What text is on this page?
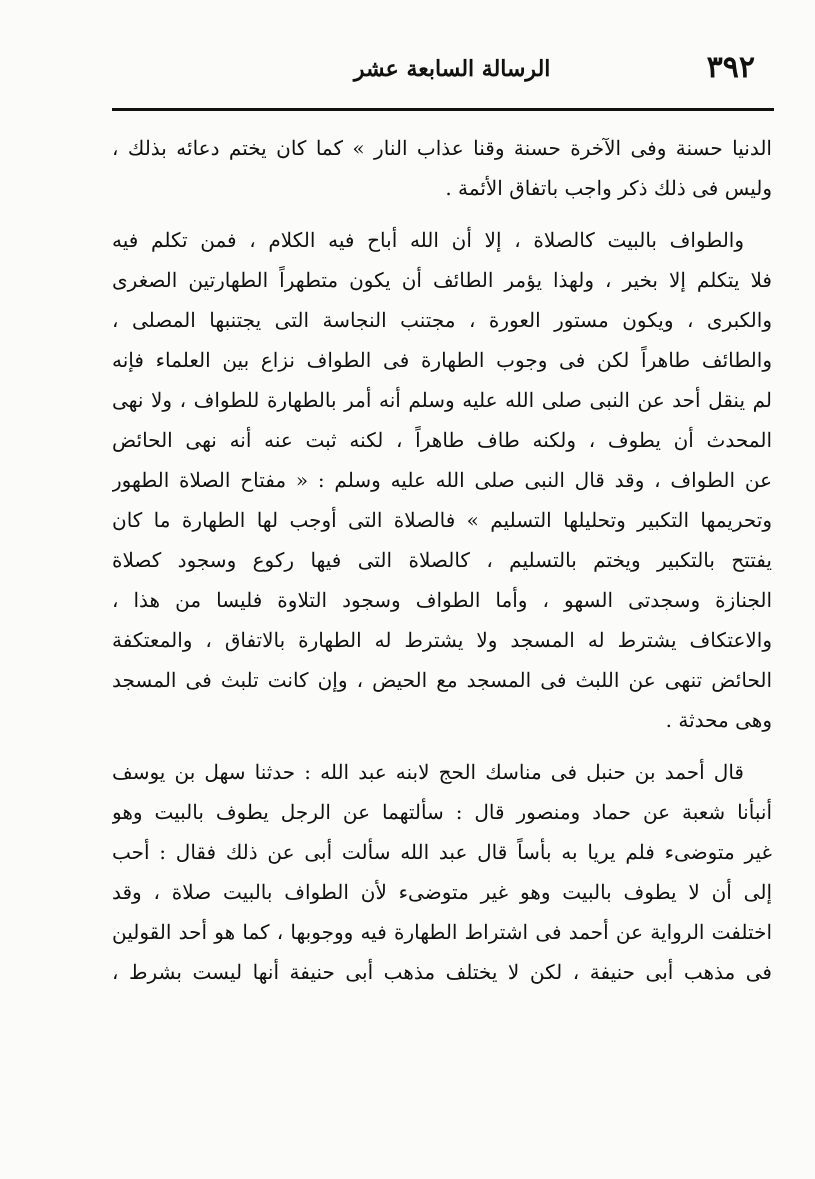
٣٩٢
الرسالة السابعة عشر

الدنيا حسنة وفى الآخرة حسنة وقنا عذاب النار » كما كان يختم دعائه بذلك ،
وليس فى ذلك ذكر واجب باتفاق الأئمة .

والطواف بالبيت كالصلاة ، إلا أن الله أباح فيه الكلام ، فمن تكلم فيه
فلا يتكلم إلا بخير ، ولهذا يؤمر الطائف أن يكون متطهراً الطهارتين الصغرى
والكبرى ، ويكون مستور العورة ، مجتنب النجاسة التى يجتنبها المصلى ،
والطائف طاهراً لكن فى وجوب الطهارة فى الطواف نزاع بين العلماء فإنه
لم ينقل أحد عن النبى صلى الله عليه وسلم أنه أمر بالطهارة للطواف ، ولا نهى
المحدث أن يطوف ، ولكنه طاف طاهراً ، لكنه ثبت عنه أنه نهى الحائض
عن الطواف ، وقد قال النبى صلى الله عليه وسلم : « مفتاح الصلاة الطهور
وتحريمها التكبير وتحليلها التسليم » فالصلاة التى أوجب لها الطهارة ما كان
يفتتح بالتكبير ويختم بالتسليم ، كالصلاة التى فيها ركوع وسجود كصلاة
الجنازة وسجدتى السهو ، وأما الطواف وسجود التلاوة فليسا من هذا ،
والاعتكاف يشترط له المسجد ولا يشترط له الطهارة بالاتفاق ، والمعتكفة
الحائض تنهى عن اللبث فى المسجد مع الحيض ، وإن كانت تلبث فى المسجد
وهى محدثة .

قال أحمد بن حنبل فى مناسك الحج لابنه عبد الله : حدثنا سهل بن يوسف
أنبأنا شعبة عن حماد ومنصور قال : سألتهما عن الرجل يطوف بالبيت وهو
غير متوضىء فلم يريا به بأساً قال عبد الله سألت أبى عن ذلك فقال : أحب
إلى أن لا يطوف بالبيت وهو غير متوضىء لأن الطواف بالبيت صلاة ، وقد
اختلفت الرواية عن أحمد فى اشتراط الطهارة فيه ووجوبها ، كما هو أحد القولين
فى مذهب أبى حنيفة ، لكن لا يختلف مذهب أبى حنيفة أنها ليست بشرط ،
